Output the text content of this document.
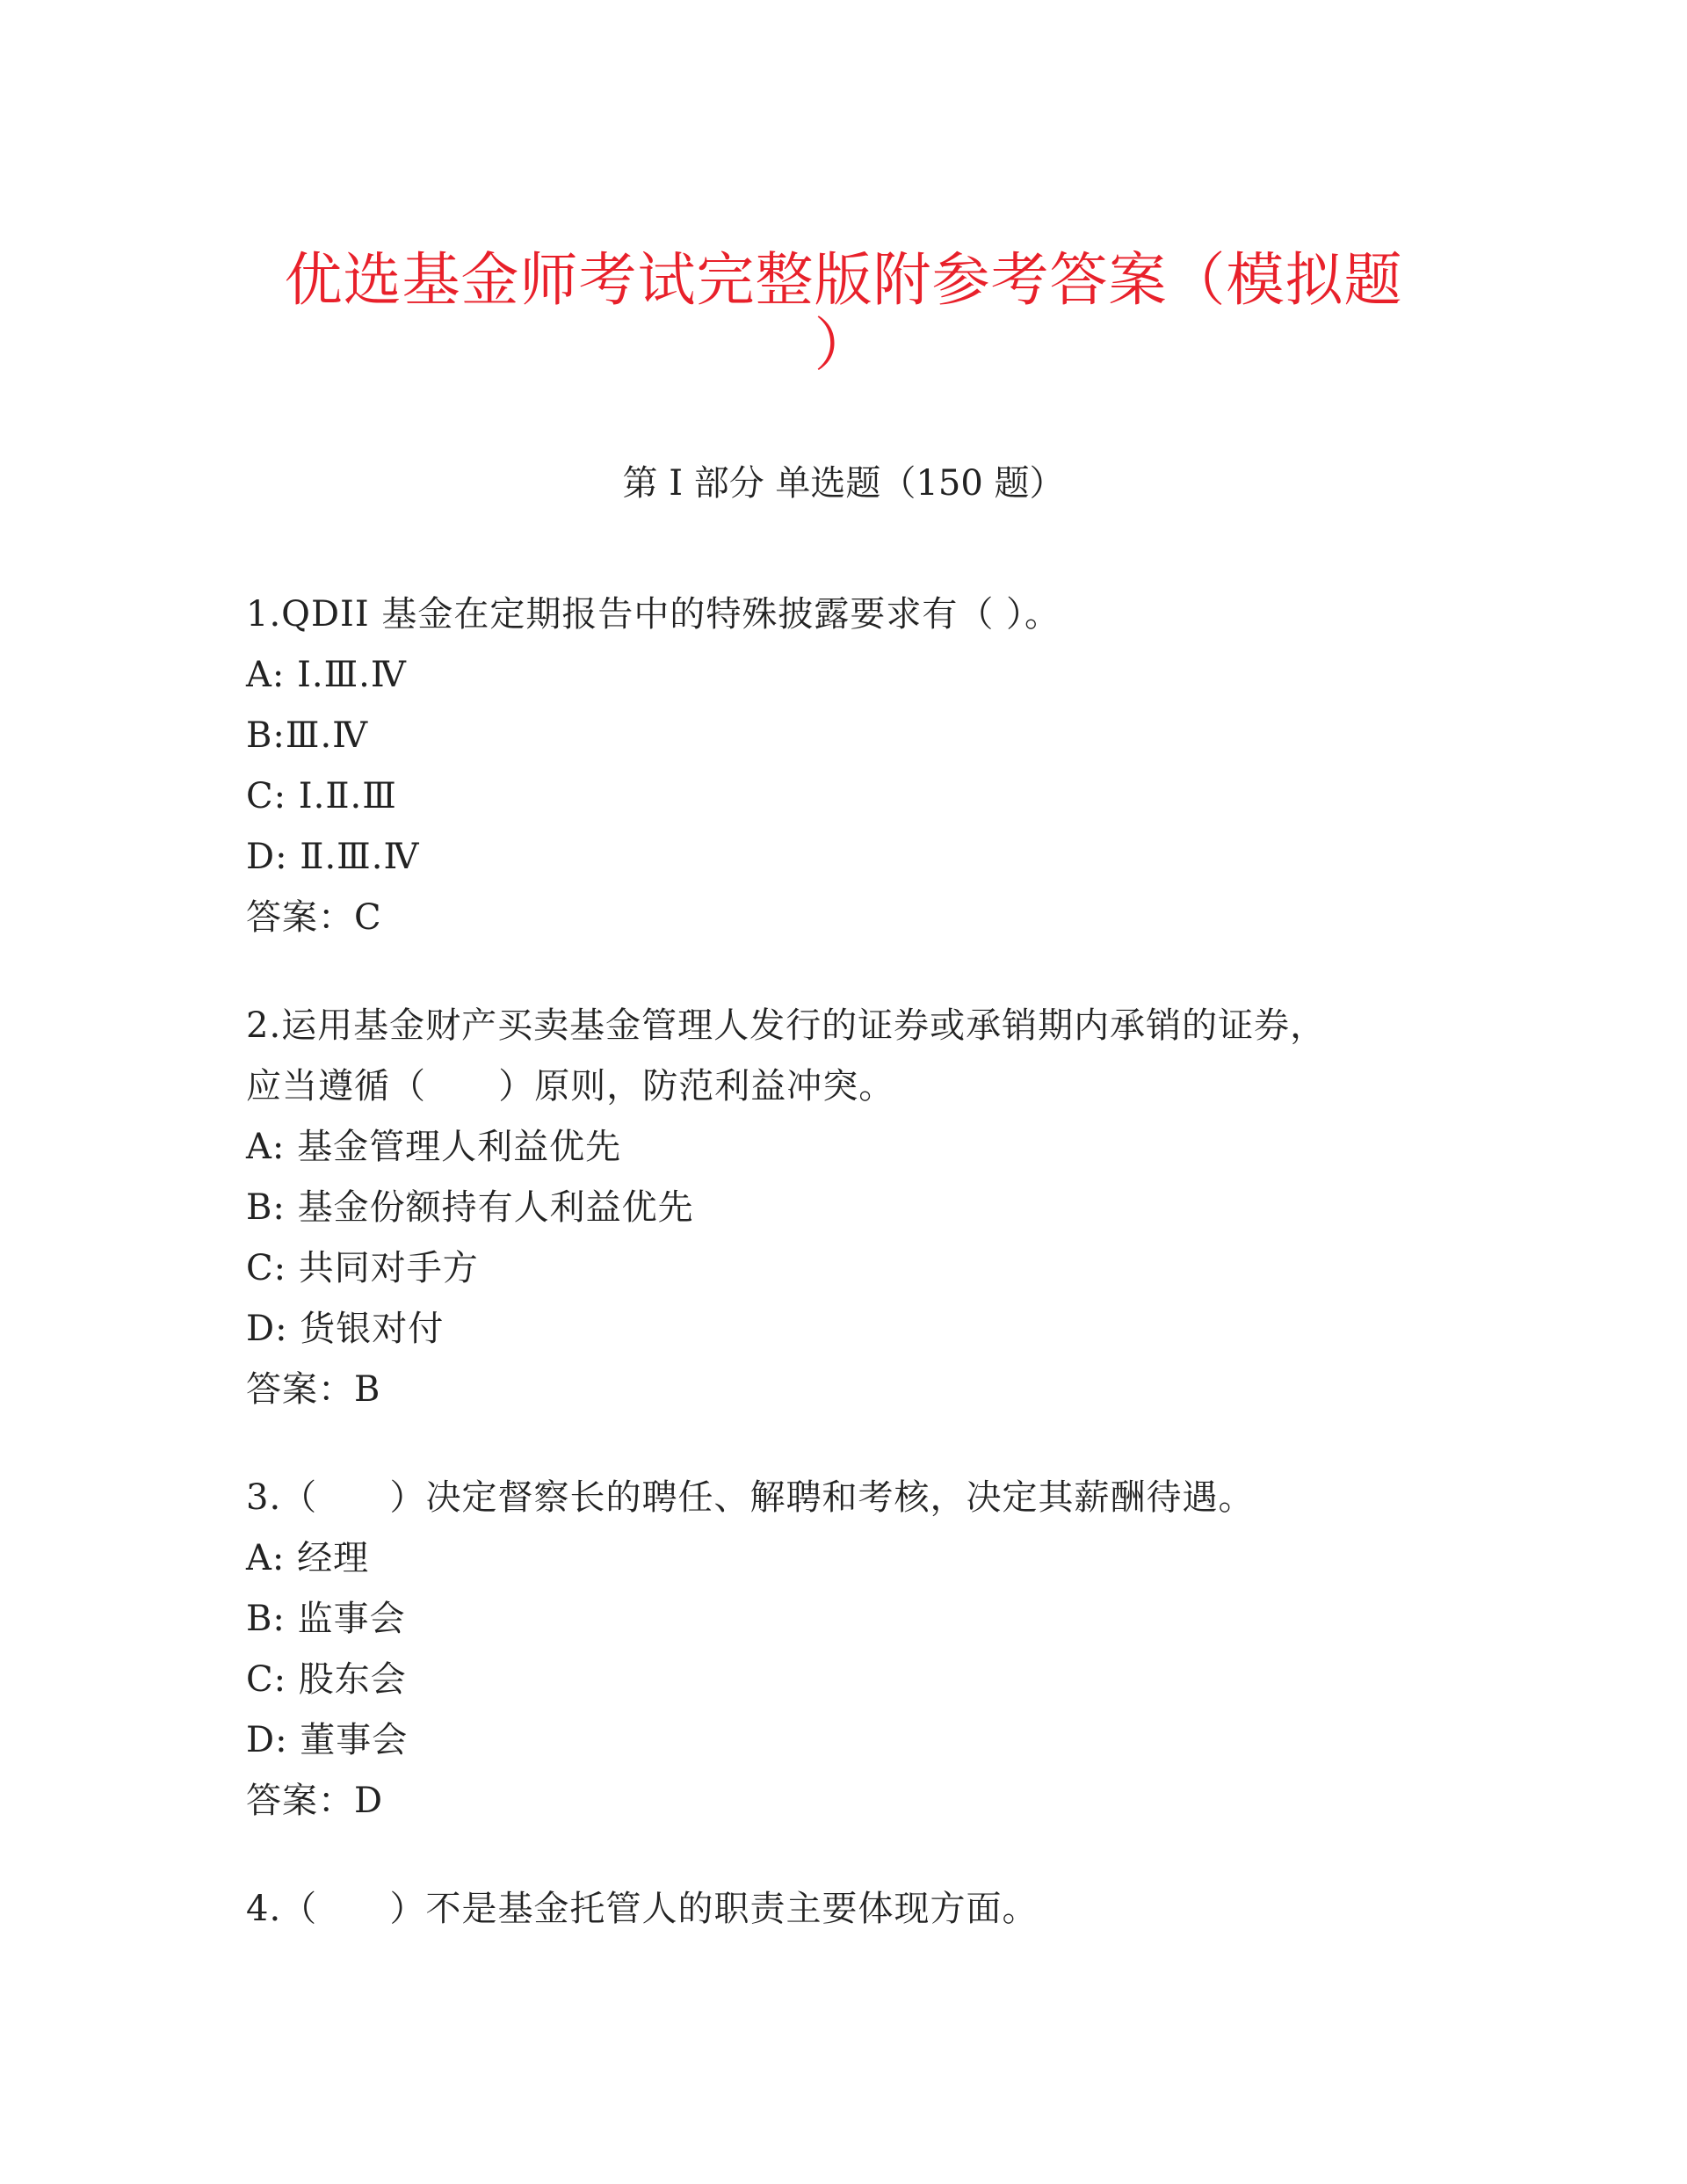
优选基金师考试完整版附参考答案（模拟题
）
第 I 部分 单选题（150 题）
1.QDII 基金在定期报告中的特殊披露要求有（ ）。
A: Ⅰ.Ⅲ.Ⅳ
B:Ⅲ.Ⅳ
C: Ⅰ.Ⅱ.Ⅲ
D: Ⅱ.Ⅲ.Ⅳ
答案：C
2.运用基金财产买卖基金管理人发行的证券或承销期内承销的证券，
应当遵循（      ）原则，防范利益冲突。
A: 基金管理人利益优先
B: 基金份额持有人利益优先
C: 共同对手方
D: 货银对付
答案：B
3.（      ）决定督察长的聘任、解聘和考核，决定其薪酬待遇。
A: 经理
B: 监事会
C: 股东会
D: 董事会
答案：D
4.（      ）不是基金托管人的职责主要体现方面。
